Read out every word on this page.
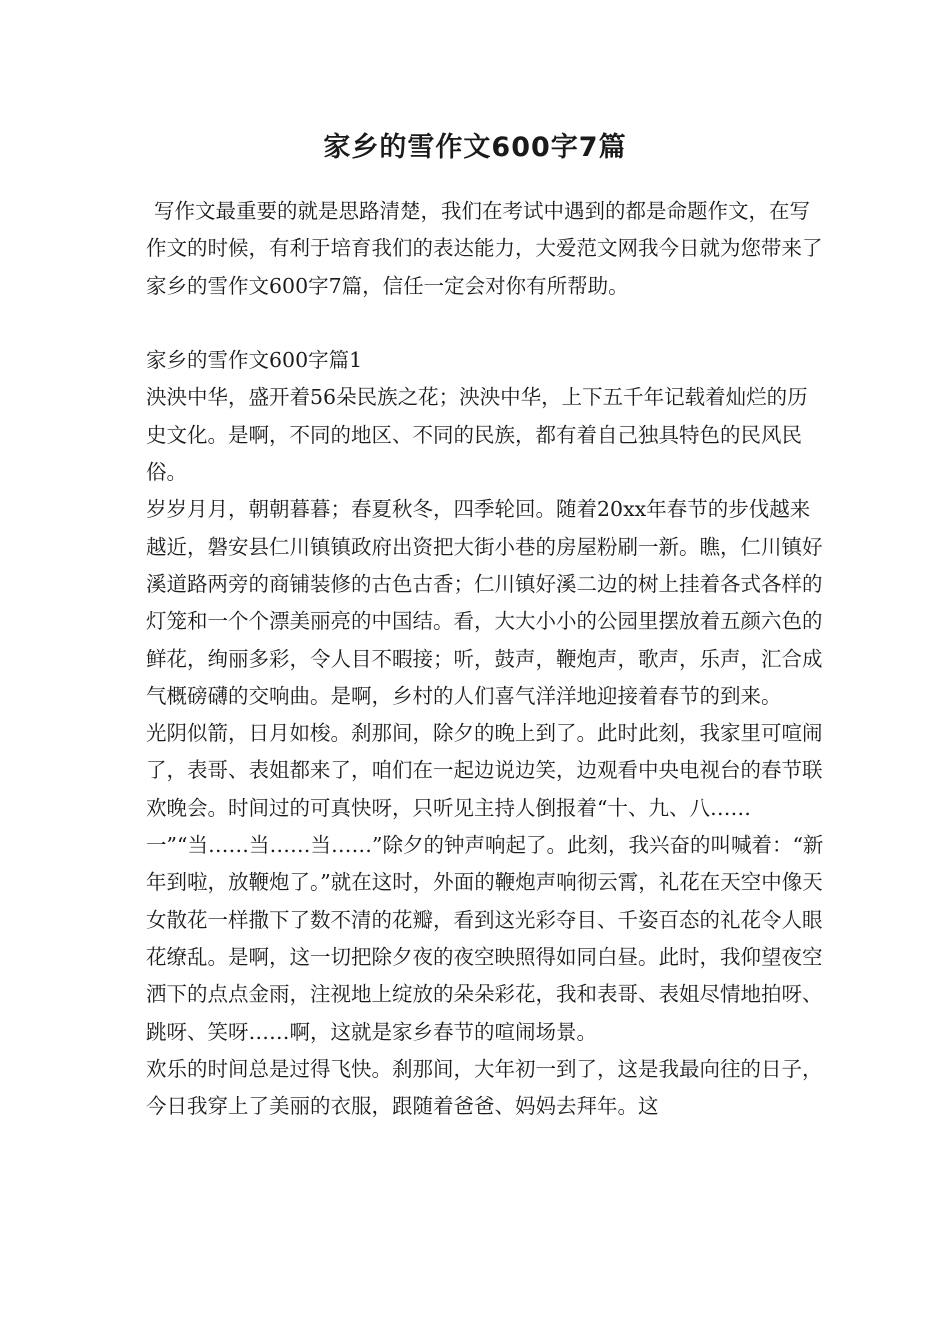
家乡的雪作文600字7篇

写作文最重要的就是思路清楚，我们在考试中遇到的都是命题作文，在写作文的时候，有利于培育我们的表达能力，大爱范文网我今日就为您带来了家乡的雪作文600字7篇，信任一定会对你有所帮助。

家乡的雪作文600字篇1

泱泱中华，盛开着56朵民族之花；泱泱中华，上下五千年记载着灿烂的历史文化。是啊，不同的地区、不同的民族，都有着自己独具特色的民风民俗。

岁岁月月，朝朝暮暮；春夏秋冬，四季轮回。随着20xx年春节的步伐越来越近，磐安县仁川镇镇政府出资把大街小巷的房屋粉刷一新。瞧，仁川镇好溪道路两旁的商铺装修的古色古香；仁川镇好溪二边的树上挂着各式各样的灯笼和一个个漂美丽亮的中国结。看，大大小小的公园里摆放着五颜六色的鲜花，绚丽多彩，令人目不暇接；听，鼓声，鞭炮声，歌声，乐声，汇合成气概磅礴的交响曲。是啊，乡村的人们喜气洋洋地迎接着春节的到来。

光阴似箭，日月如梭。刹那间，除夕的晚上到了。此时此刻，我家里可喧闹了，表哥、表姐都来了，咱们在一起边说边笑，边观看中央电视台的春节联欢晚会。时间过的可真快呀，只听见主持人倒报着“十、九、八……一”“当……当……当……”除夕的钟声响起了。此刻，我兴奋的叫喊着：“新年到啦，放鞭炮了。”就在这时，外面的鞭炮声响彻云霄，礼花在天空中像天女散花一样撒下了数不清的花瓣，看到这光彩夺目、千姿百态的礼花令人眼花缭乱。是啊，这一切把除夕夜的夜空映照得如同白昼。此时，我仰望夜空洒下的点点金雨，注视地上绽放的朵朵彩花，我和表哥、表姐尽情地拍呀、跳呀、笑呀……啊，这就是家乡春节的喧闹场景。

欢乐的时间总是过得飞快。刹那间，大年初一到了，这是我最向往的日子，今日我穿上了美丽的衣服，跟随着爸爸、妈妈去拜年。这
